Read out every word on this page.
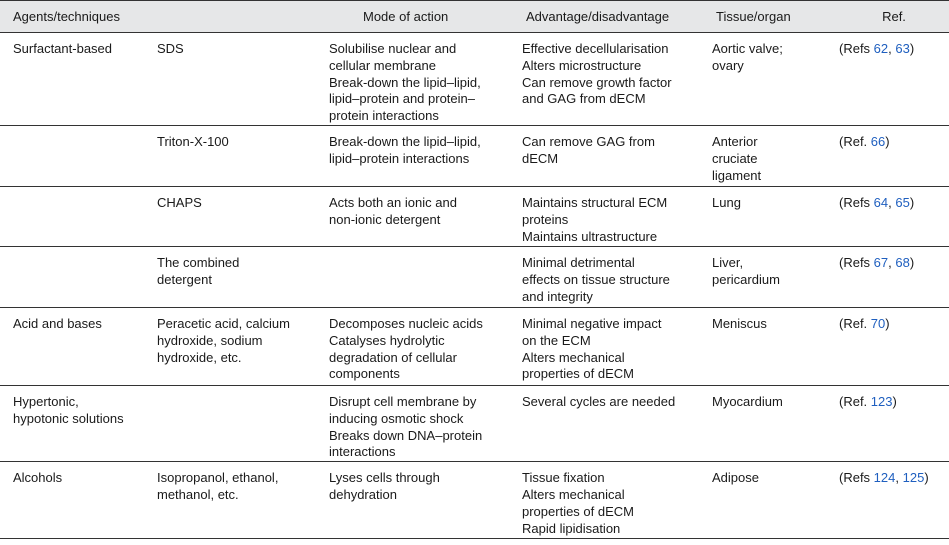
Agents/techniques		Mode of action	Advantage/disadvantage	Tissue/organ	Ref.

Surfactant-based	SDS	Solubilise nuclear and
cellular membrane
Break-down the lipid–lipid,
lipid–protein and protein–
protein interactions	Effective decellularisation
Alters microstructure
Can remove growth factor
and GAG from dECM	Aortic valve;
ovary	(Refs 62, 63)

	Triton-X-100	Break-down the lipid–lipid,
lipid–protein interactions	Can remove GAG from
dECM	Anterior
cruciate
ligament	(Ref. 66)

	CHAPS	Acts both an ionic and
non-ionic detergent	Maintains structural ECM
proteins
Maintains ultrastructure	Lung	(Refs 64, 65)

	The combined
detergent		Minimal detrimental
effects on tissue structure
and integrity	Liver,
pericardium	(Refs 67, 68)

Acid and bases	Peracetic acid, calcium
hydroxide, sodium
hydroxide, etc.	Decomposes nucleic acids
Catalyses hydrolytic
degradation of cellular
components	Minimal negative impact
on the ECM
Alters mechanical
properties of dECM	Meniscus	(Ref. 70)

Hypertonic,
hypotonic solutions		Disrupt cell membrane by
inducing osmotic shock
Breaks down DNA–protein
interactions	Several cycles are needed	Myocardium	(Ref. 123)

Alcohols	Isopropanol, ethanol,
methanol, etc.	Lyses cells through
dehydration	Tissue fixation
Alters mechanical
properties of dECM
Rapid lipidisation	Adipose	(Refs 124, 125)
